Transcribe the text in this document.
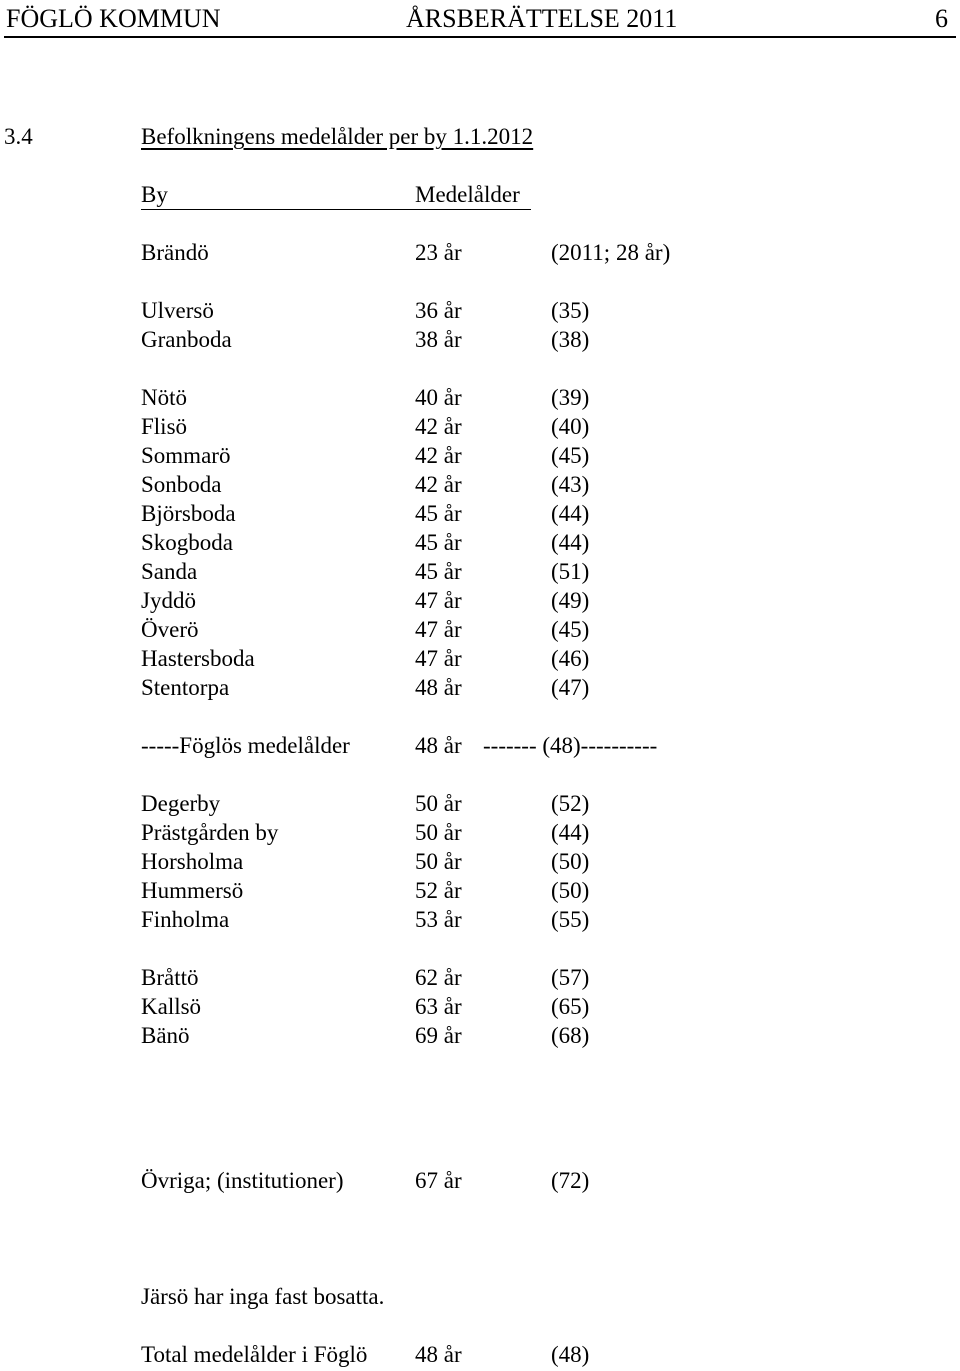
FÖGLÖ KOMMUN	ÅRSBERÄTTELSE 2011	6
3.4	Befolkningens medelålder per by 1.1.2012
By	Medelålder
Brändö	23 år	(2011; 28 år)
Ulversö	36 år	(35)
Granboda	38 år	(38)
Nötö	40 år	(39)
Flisö	42 år	(40)
Sommarö	42 år	(45)
Sonboda	42 år	(43)
Björsboda	45 år	(44)
Skogboda	45 år	(44)
Sanda	45 år	(51)
Jyddö	47 år	(49)
Överö	47 år	(45)
Hastersboda	47 år	(46)
Stentorpa	48 år	(47)
-----Föglös medelålder	48 år ------- (48)----------
Degerby	50 år	(52)
Prästgården by	50 år	(44)
Horsholma	50 år	(50)
Hummersö	52 år	(50)
Finholma	53 år	(55)
Bråttö	62 år	(57)
Kallsö	63 år	(65)
Bänö	69 år	(68)
Övriga; (institutioner)	67 år	(72)
Järsö har inga fast bosatta.
Total medelålder i Föglö 48 år	(48)
